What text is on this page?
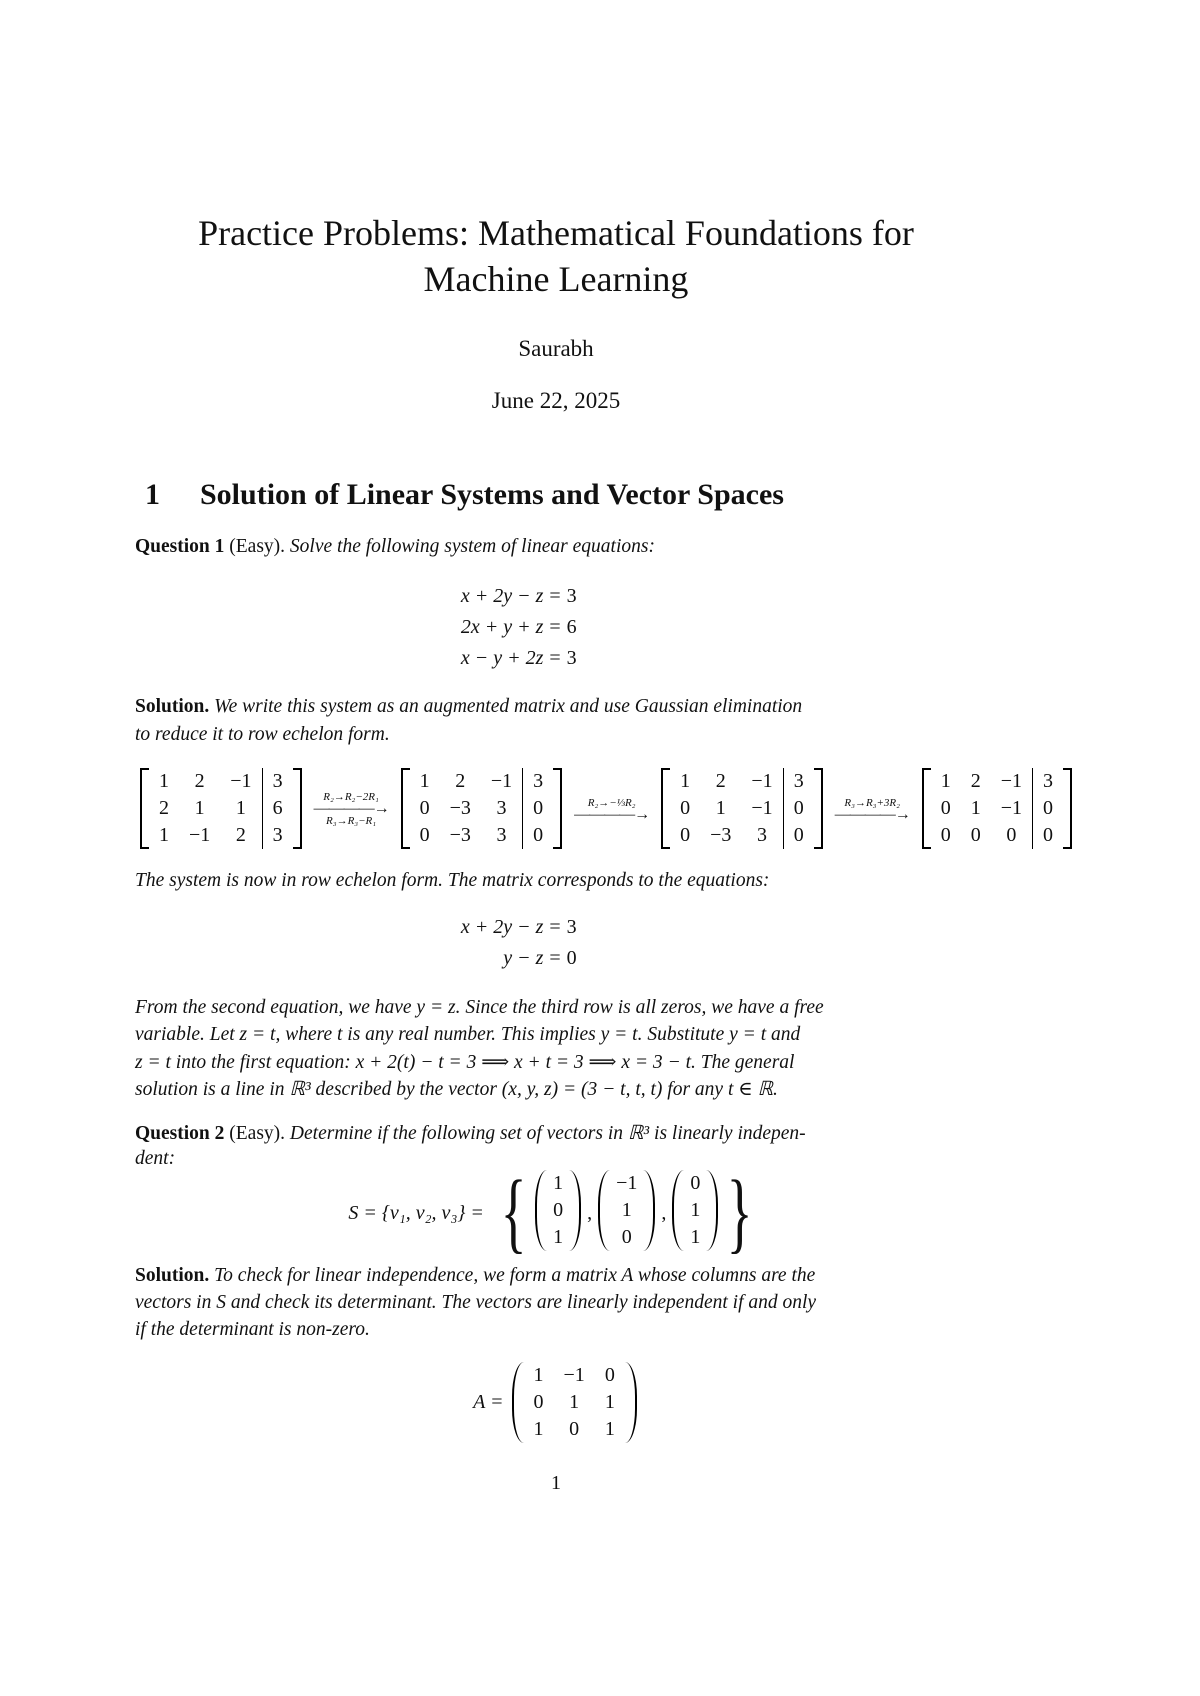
Practice Problems: Mathematical Foundations for
Machine Learning
Saurabh
June 22, 2025
1 Solution of Linear Systems and Vector Spaces
Question 1 (Easy). Solve the following system of linear equations:
x + 2y − z = 3
2x + y + z = 6
x − y + 2z = 3
Solution. We write this system as an augmented matrix and use Gaussian elimination
to reduce it to row echelon form.
1	2	−1	3
2	1	1	6
1	−1	2	3
R₂→R₂−2R₁
――――→
R₃→R₃−R₁
1	2	−1	3
0	−3	3	0
0	−3	3	0
R₂→−⅓R₂
――――→
1	2	−1	3
0	1	−1	0
0	−3	3	0
R₃→R₃+3R₂
――――→
1	2	−1	3
0	1	−1	0
0	0	0	0
The system is now in row echelon form. The matrix corresponds to the equations:
x + 2y − z = 3
y − z = 0
From the second equation, we have y = z. Since the third row is all zeros, we have a free
variable. Let z = t, where t is any real number. This implies y = t. Substitute y = t and
z = t into the first equation: x + 2(t) − t = 3 ⟹ x + t = 3 ⟹ x = 3 − t. The general
solution is a line in ℝ³ described by the vector (x, y, z) = (3 − t, t, t) for any t ∈ ℝ.
Question 2 (Easy). Determine if the following set of vectors in ℝ³ is linearly indepen-
dent:
S = {v₁, v₂, v₃} = { 1
0
1
,
−1
1
0
,
0
1
1 }
Solution. To check for linear independence, we form a matrix A whose columns are the
vectors in S and check its determinant. The vectors are linearly independent if and only
if the determinant is non-zero.
A =
1	−1	0
0	1	1
1	0	1
1
